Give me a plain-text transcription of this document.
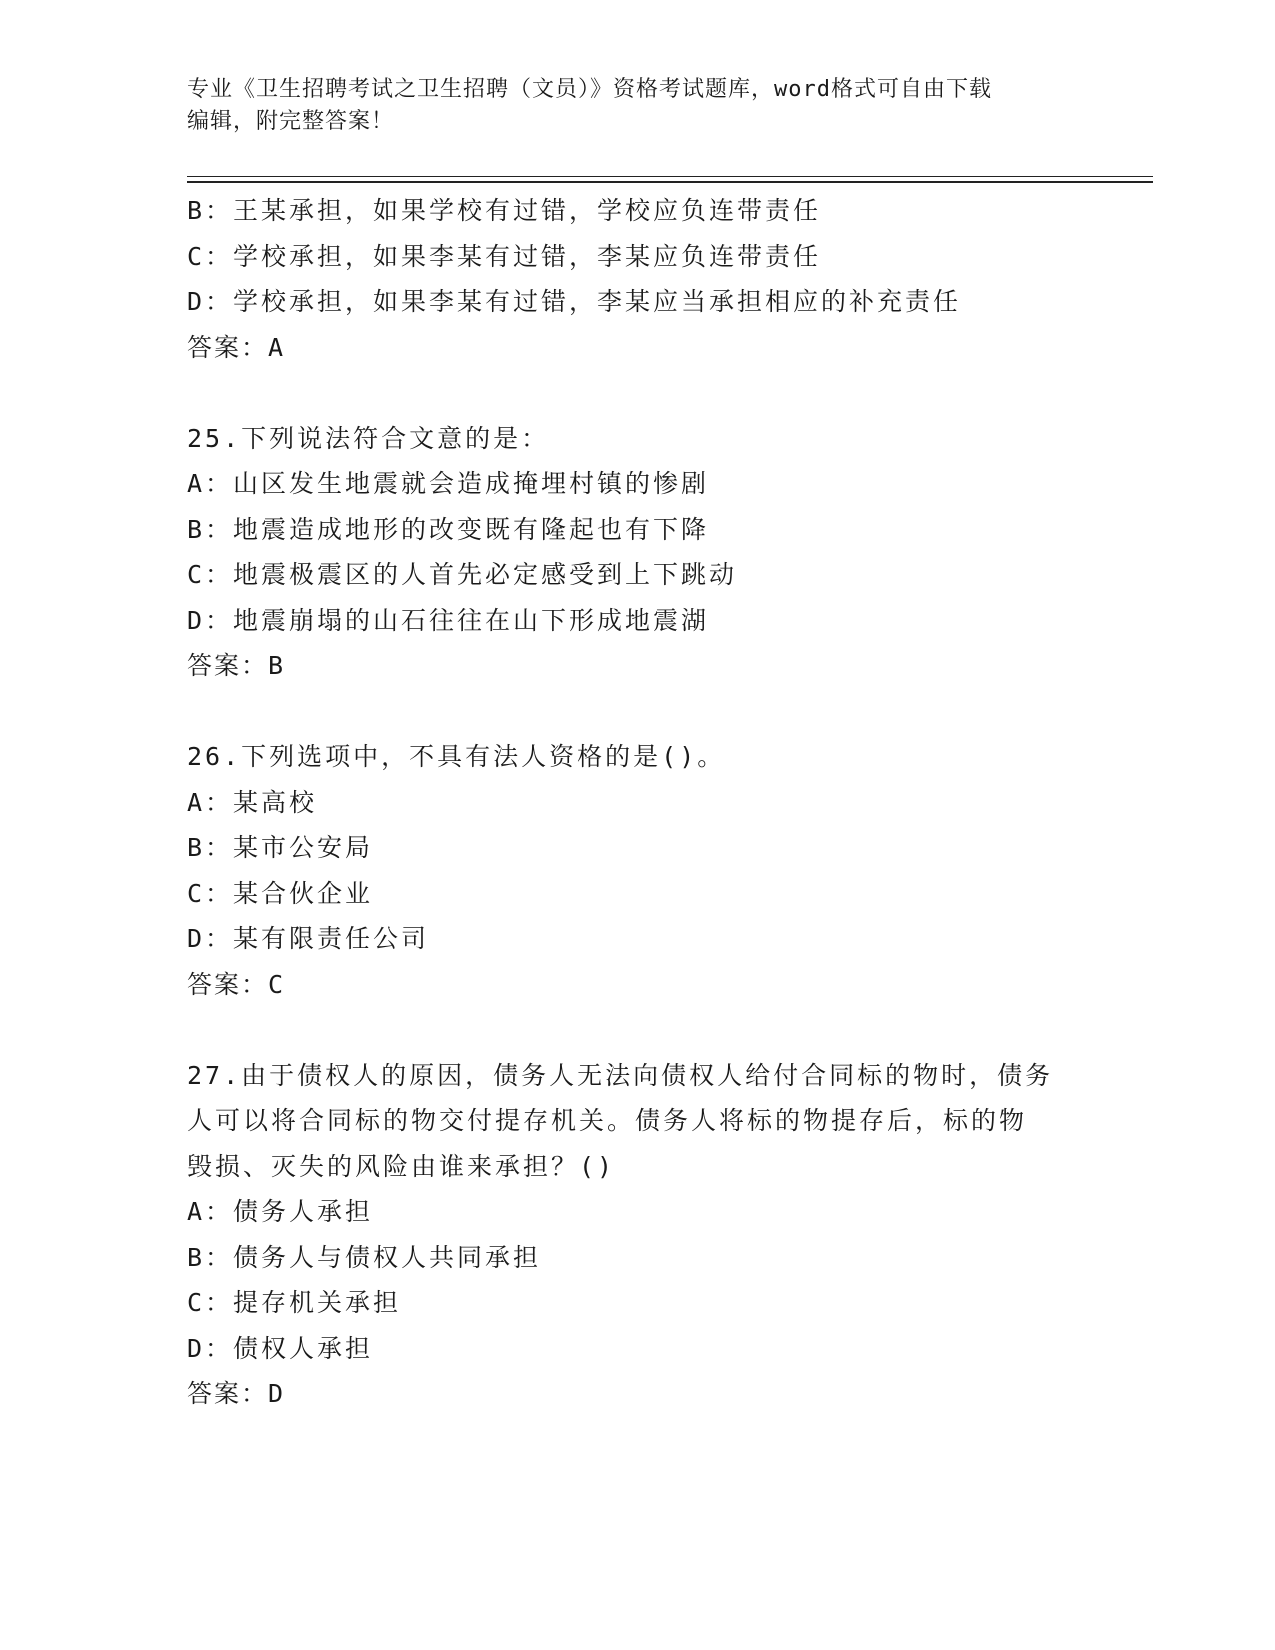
专业《卫生招聘考试之卫生招聘（文员）》资格考试题库，word格式可自由下载
编辑，附完整答案！
B：王某承担，如果学校有过错，学校应负连带责任
C：学校承担，如果李某有过错，李某应负连带责任
D：学校承担，如果李某有过错，李某应当承担相应的补充责任
答案：A
25.下列说法符合文意的是：
A：山区发生地震就会造成掩埋村镇的惨剧
B：地震造成地形的改变既有隆起也有下降
C：地震极震区的人首先必定感受到上下跳动
D：地震崩塌的山石往往在山下形成地震湖
答案：B
26.下列选项中，不具有法人资格的是()。
A：某高校
B：某市公安局
C：某合伙企业
D：某有限责任公司
答案：C
27.由于债权人的原因，债务人无法向债权人给付合同标的物时，债务
人可以将合同标的物交付提存机关。债务人将标的物提存后，标的物
毁损、灭失的风险由谁来承担？()
A：债务人承担
B：债务人与债权人共同承担
C：提存机关承担
D：债权人承担
答案：D
